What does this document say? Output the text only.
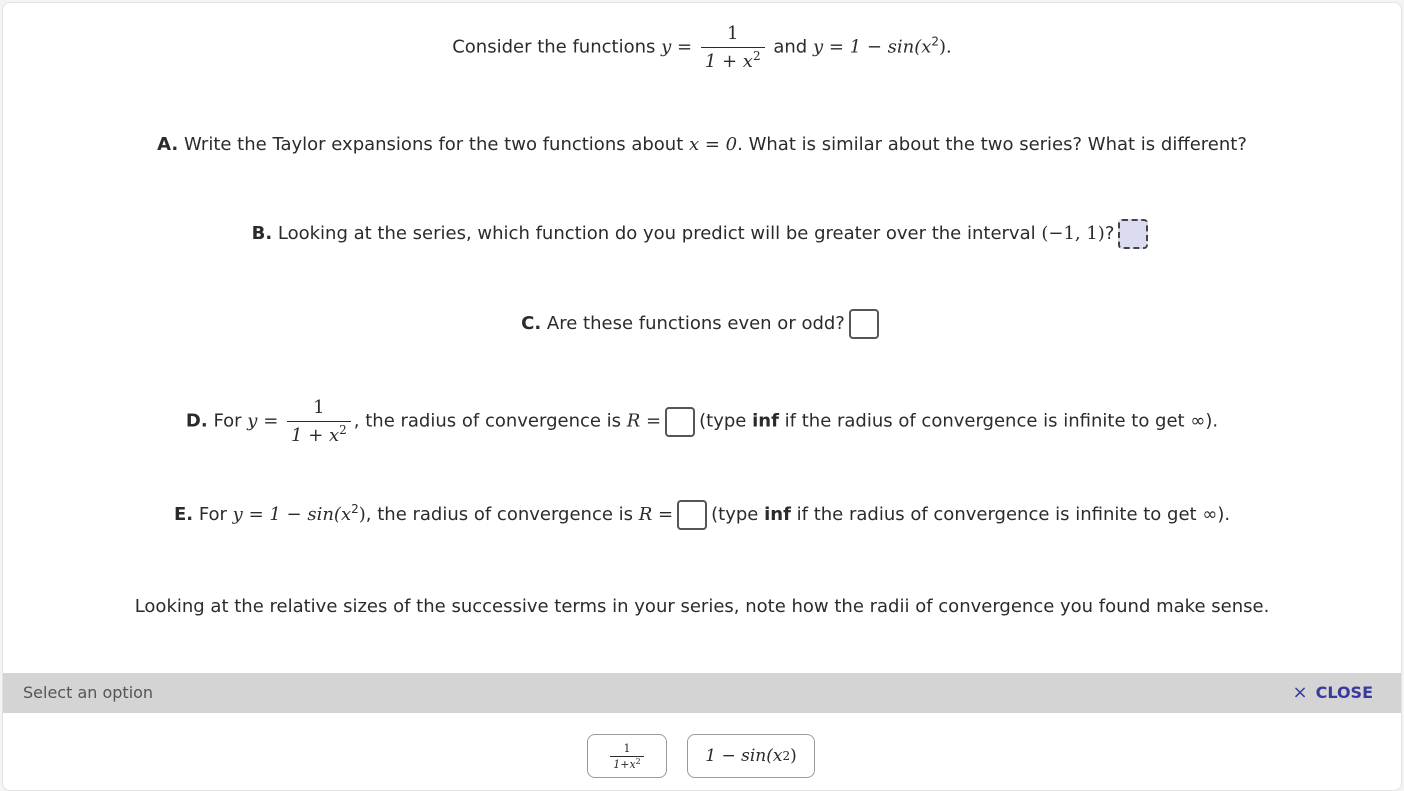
Consider the functions $y = \frac{1}{1 + x^2}$ and $y = 1 - \sin(x^2)$.
A. Write the Taylor expansions for the two functions about x = 0. What is similar about the two series? What is different?
B. Looking at the series, which function do you predict will be greater over the interval (−1, 1)?
C. Are these functions even or odd?
D. For $y = \frac{1}{1 + x^2}$ , the radius of convergence is R = (type inf if the radius of convergence is infinite to get ∞).
E. For $y = 1 - \sin(x^2)$, the radius of convergence is R = (type inf if the radius of convergence is infinite to get ∞).
Looking at the relative sizes of the successive terms in your series, note how the radii of convergence you found make sense.
Select an option	× CLOSE
$\frac{1}{1+x^2}$	1 − sin(x 2 )
